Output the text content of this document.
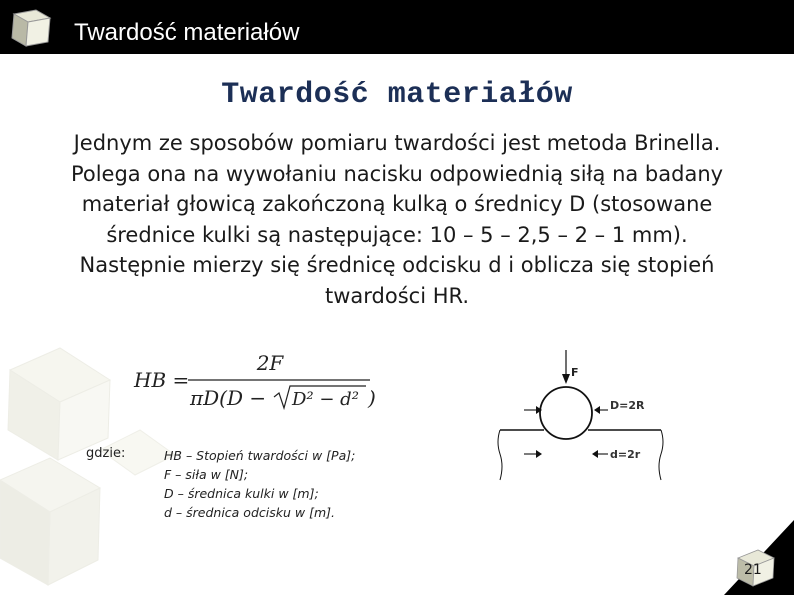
Twardość materiałów
Twardość materiałów
Jednym ze sposobów pomiaru twardości jest metoda Brinella.
Polega ona na wywołaniu nacisku odpowiednią siłą na badany
materiał głowicą zakończoną kulką o średnicy D (stosowane
średnice kulki są następujące: 10 – 5 – 2,5 – 2 – 1 mm).
Następnie mierzy się średnicę odcisku d i oblicza się stopień
twardości HR.
HB =
2F
πD(D − D² − d² )
gdzie:	HB – Stopień twardości w [Pa];
F – siła w [N];
D – średnica kulki w [m];
d – średnica odcisku w [m].
F
D=2R
d=2r
21
